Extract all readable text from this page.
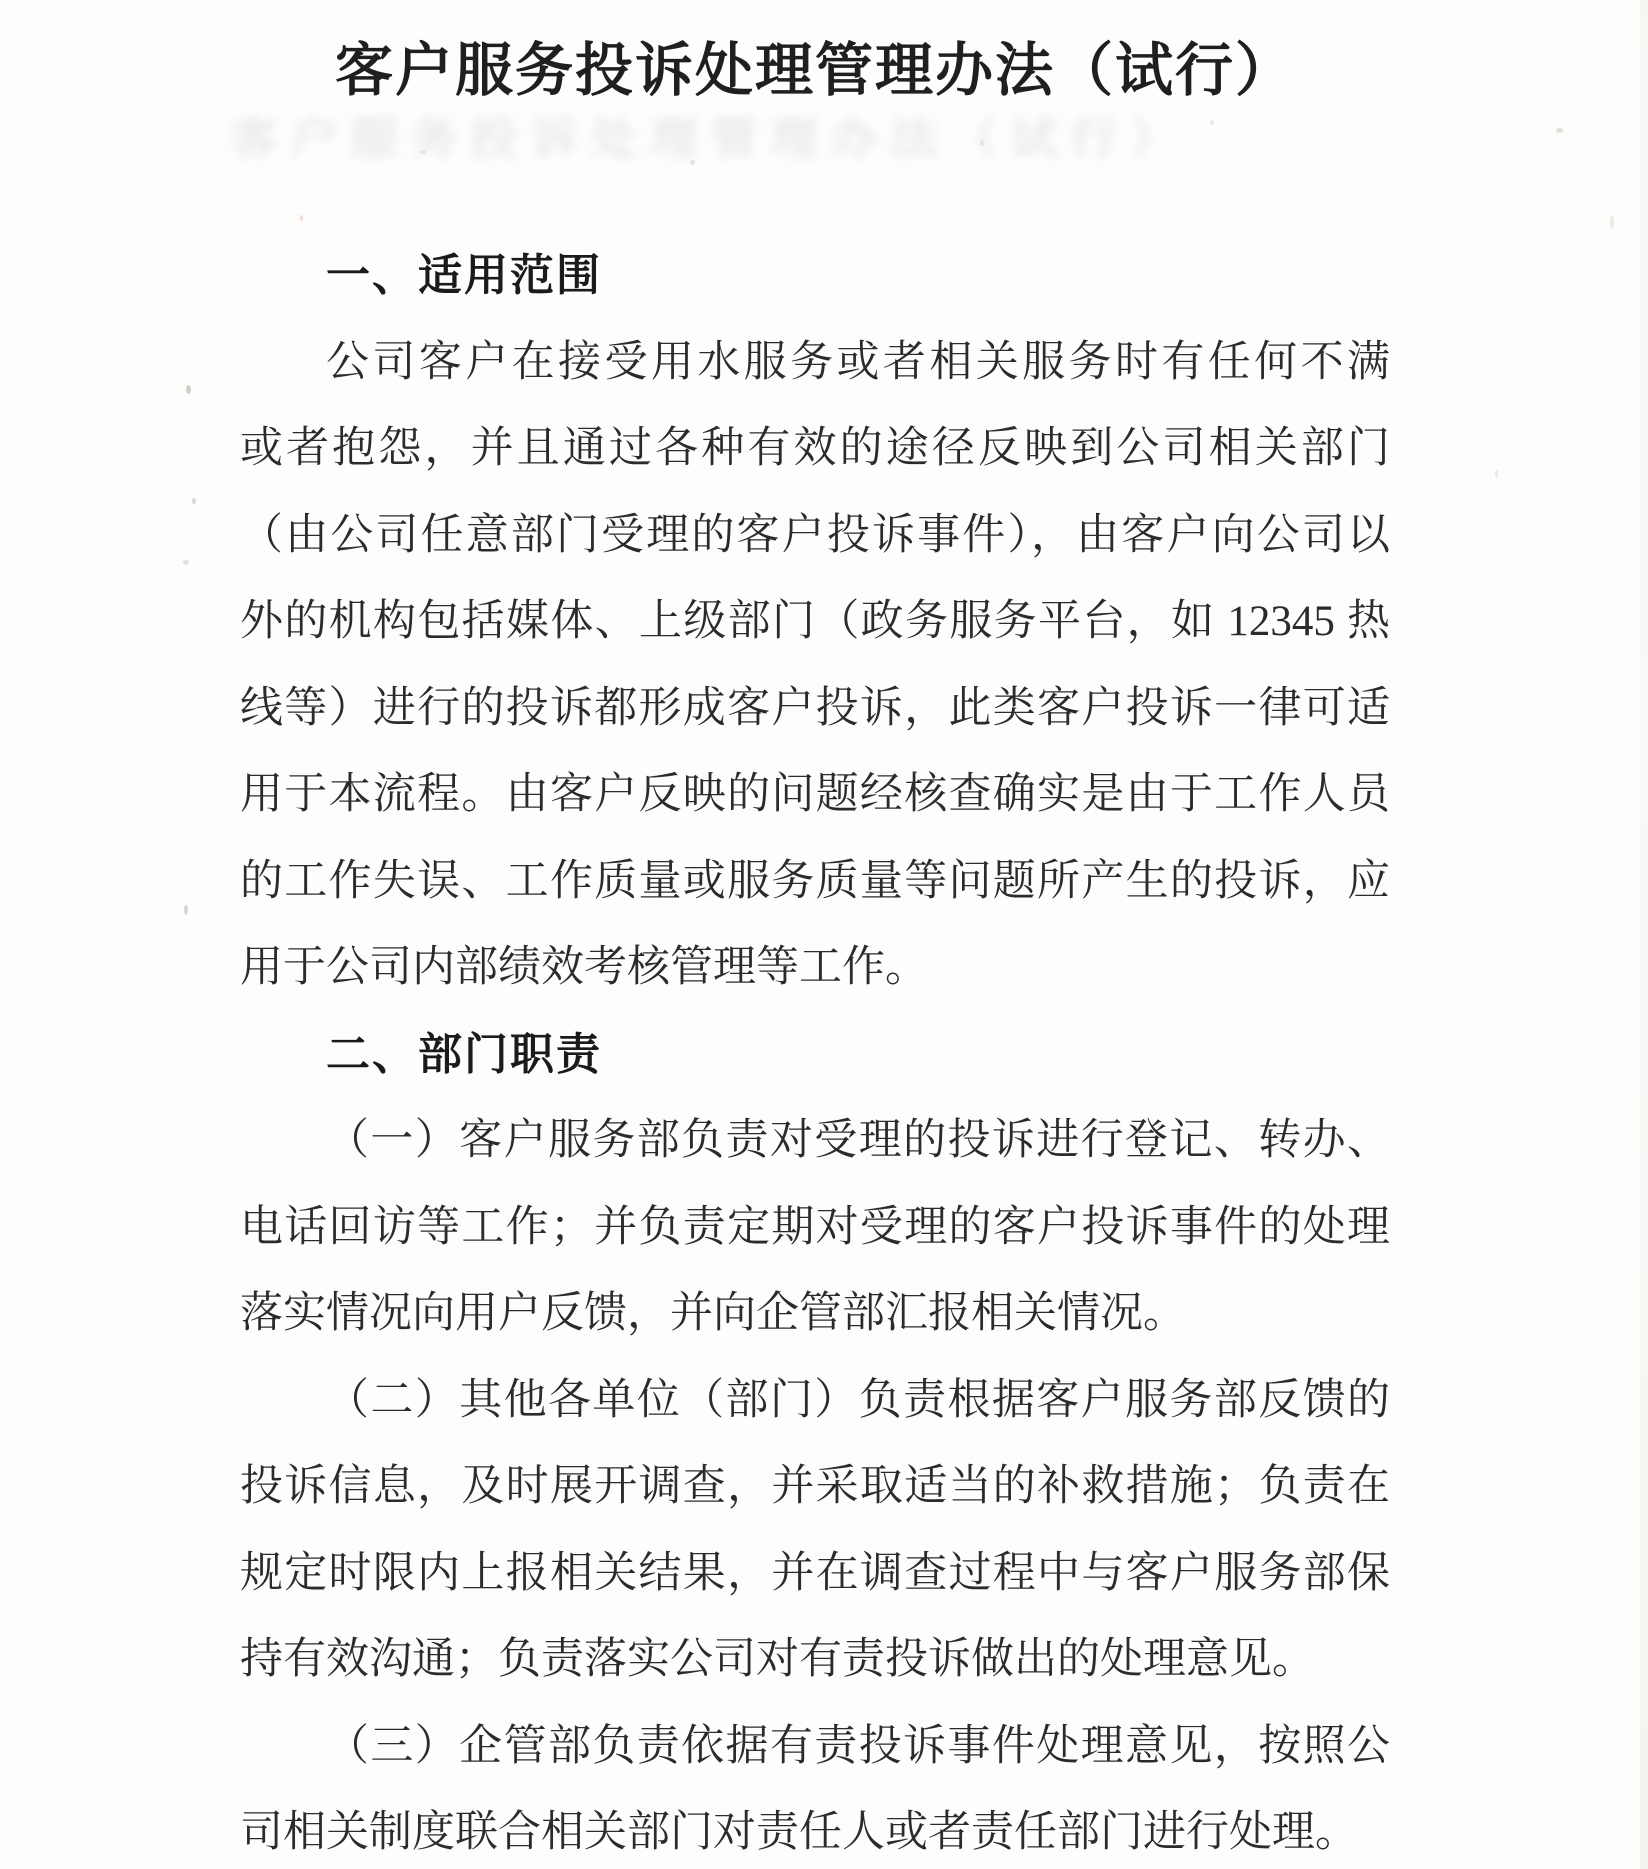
客户服务投诉处理管理办法（试行）
客户服务投诉处理管理办法（试行）
一、适用范围
公司客户在接受用水服务或者相关服务时有任何不满
或者抱怨，并且通过各种有效的途径反映到公司相关部门
（由公司任意部门受理的客户投诉事件），由客户向公司以
外的机构包括媒体、上级部门（政务服务平台，如 12345 热
线等）进行的投诉都形成客户投诉，此类客户投诉一律可适
用于本流程。由客户反映的问题经核查确实是由于工作人员
的工作失误、工作质量或服务质量等问题所产生的投诉，应
用于公司内部绩效考核管理等工作。
二、部门职责
（一）客户服务部负责对受理的投诉进行登记、转办、
电话回访等工作；并负责定期对受理的客户投诉事件的处理
落实情况向用户反馈，并向企管部汇报相关情况。
（二）其他各单位（部门）负责根据客户服务部反馈的
投诉信息，及时展开调查，并采取适当的补救措施；负责在
规定时限内上报相关结果，并在调查过程中与客户服务部保
持有效沟通；负责落实公司对有责投诉做出的处理意见。
（三）企管部负责依据有责投诉事件处理意见，按照公
司相关制度联合相关部门对责任人或者责任部门进行处理。
